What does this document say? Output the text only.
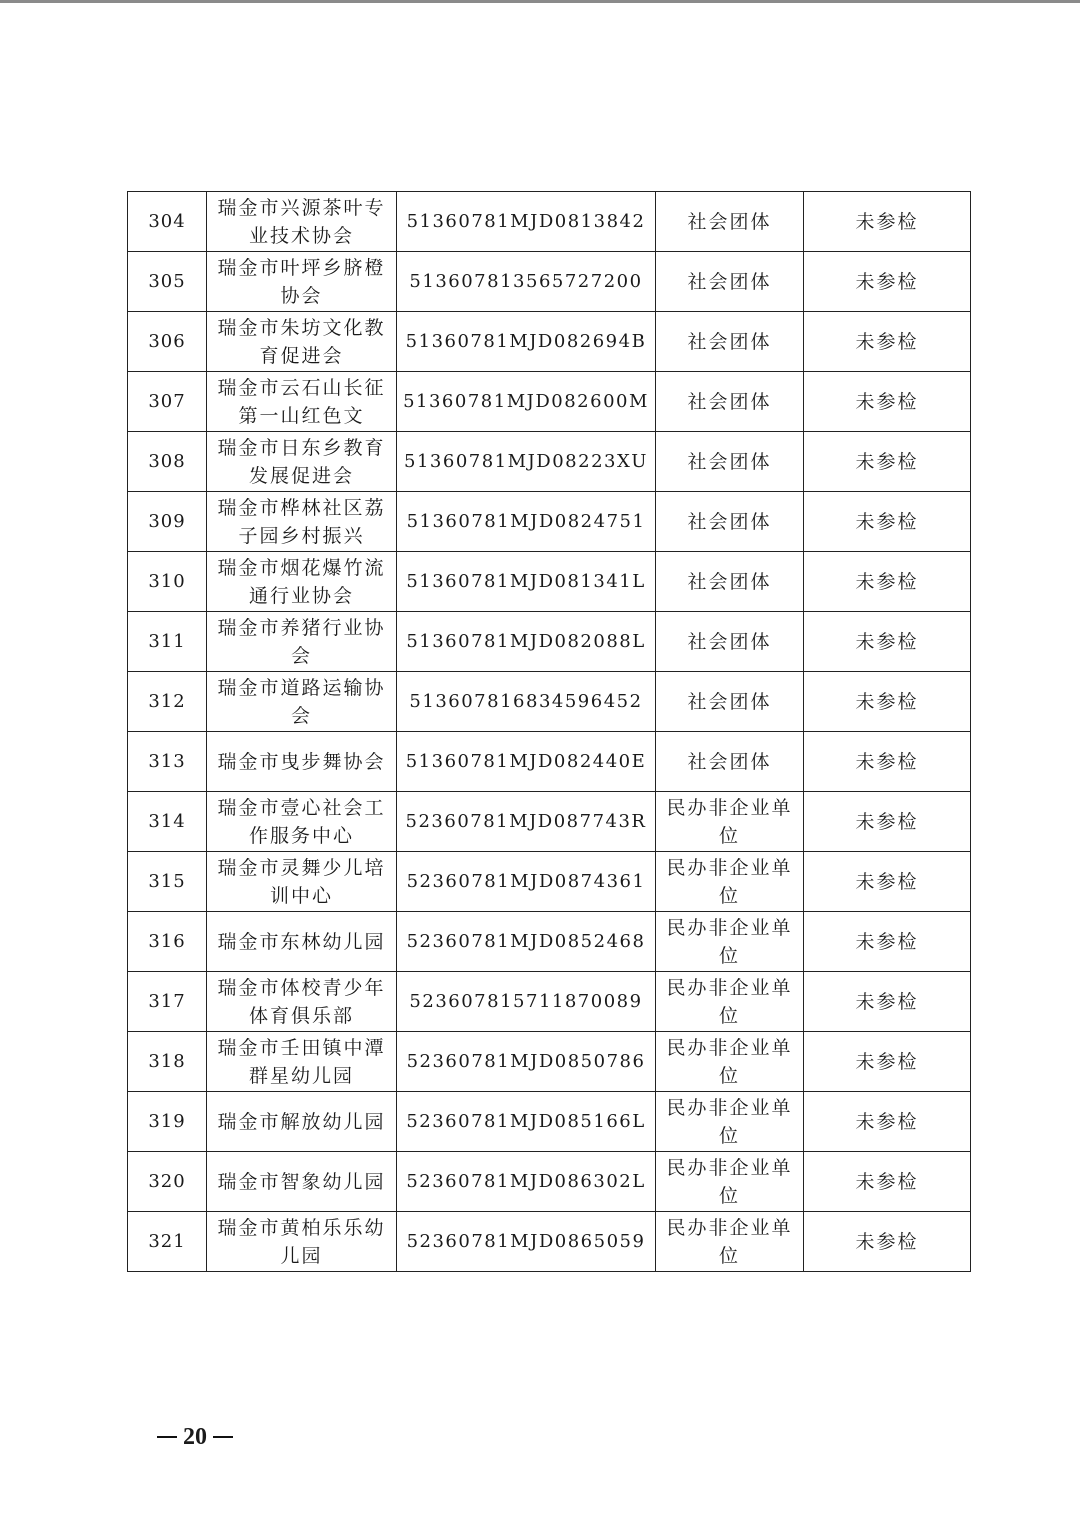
304	瑞金市兴源茶叶专业技术协会	51360781MJD0813842	社会团体	未参检
305	瑞金市叶坪乡脐橙协会	513607813565727200	社会团体	未参检
306	瑞金市朱坊文化教育促进会	51360781MJD082694B	社会团体	未参检
307	瑞金市云石山长征第一山红色文	51360781MJD082600M	社会团体	未参检
308	瑞金市日东乡教育发展促进会	51360781MJD08223XU	社会团体	未参检
309	瑞金市桦林社区荔子园乡村振兴	51360781MJD0824751	社会团体	未参检
310	瑞金市烟花爆竹流通行业协会	51360781MJD081341L	社会团体	未参检
311	瑞金市养猪行业协会	51360781MJD082088L	社会团体	未参检
312	瑞金市道路运输协会	513607816834596452	社会团体	未参检
313	瑞金市曳步舞协会	51360781MJD082440E	社会团体	未参检
314	瑞金市壹心社会工作服务中心	52360781MJD087743R	民办非企业单位	未参检
315	瑞金市灵舞少儿培训中心	52360781MJD0874361	民办非企业单位	未参检
316	瑞金市东林幼儿园	52360781MJD0852468	民办非企业单位	未参检
317	瑞金市体校青少年体育俱乐部	523607815711870089	民办非企业单位	未参检
318	瑞金市壬田镇中潭群星幼儿园	52360781MJD0850786	民办非企业单位	未参检
319	瑞金市解放幼儿园	52360781MJD085166L	民办非企业单位	未参检
320	瑞金市智象幼儿园	52360781MJD086302L	民办非企业单位	未参检
321	瑞金市黄柏乐乐幼儿园	52360781MJD0865059	民办非企业单位	未参检
20
